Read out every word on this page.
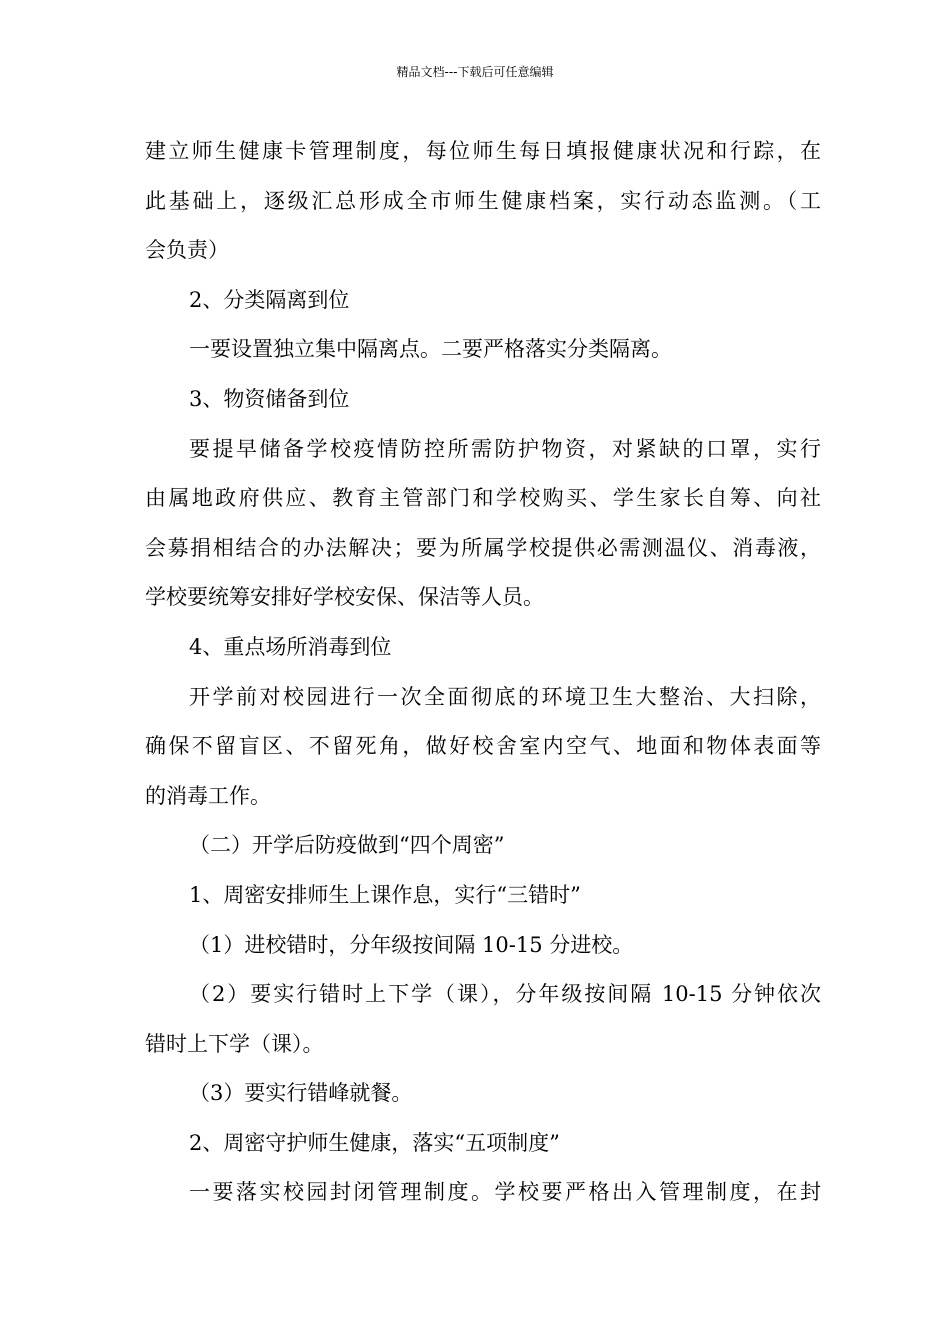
精品文档---下载后可任意编辑
建立师生健康卡管理制度，每位师生每日填报健康状况和行踪，在
此基础上，逐级汇总形成全市师生健康档案，实行动态监测。（工
会负责）
2、分类隔离到位
一要设置独立集中隔离点。二要严格落实分类隔离。
3、物资储备到位
要提早储备学校疫情防控所需防护物资，对紧缺的口罩，实行
由属地政府供应、教育主管部门和学校购买、学生家长自筹、向社
会募捐相结合的办法解决；要为所属学校提供必需测温仪、消毒液，
学校要统筹安排好学校安保、保洁等人员。
4、重点场所消毒到位
开学前对校园进行一次全面彻底的环境卫生大整治、大扫除，
确保不留盲区、不留死角，做好校舍室内空气、地面和物体表面等
的消毒工作。
（二）开学后防疫做到“四个周密”
1、周密安排师生上课作息，实行“三错时”
（1）进校错时，分年级按间隔 10-15 分进校。
（2）要实行错时上下学（课），分年级按间隔 10-15 分钟依次
错时上下学（课）。
（3）要实行错峰就餐。
2、周密守护师生健康，落实“五项制度”
一要落实校园封闭管理制度。学校要严格出入管理制度，在封
